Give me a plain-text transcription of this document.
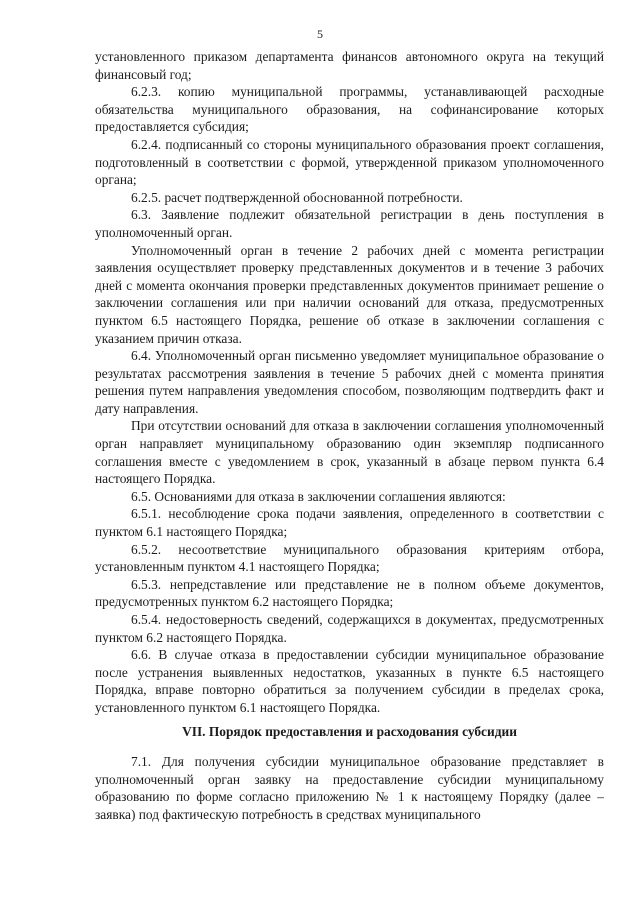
5

установленного приказом департамента финансов автономного округа на текущий финансовый год;

6.2.3. копию муниципальной программы, устанавливающей расходные обязательства муниципального образования, на софинансирование которых предоставляется субсидия;

6.2.4. подписанный со стороны муниципального образования проект соглашения, подготовленный в соответствии с формой, утвержденной приказом уполномоченного органа;

6.2.5. расчет подтвержденной обоснованной потребности.

6.3. Заявление подлежит обязательной регистрации в день поступления в уполномоченный орган.

Уполномоченный орган в течение 2 рабочих дней с момента регистрации заявления осуществляет проверку представленных документов и в течение 3 рабочих дней с момента окончания проверки представленных документов принимает решение о заключении соглашения или при наличии оснований для отказа, предусмотренных пунктом 6.5 настоящего Порядка, решение об отказе в заключении соглашения с указанием причин отказа.

6.4. Уполномоченный орган письменно уведомляет муниципальное образование о результатах рассмотрения заявления в течение 5 рабочих дней с момента принятия решения путем направления уведомления способом, позволяющим подтвердить факт и дату направления.

При отсутствии оснований для отказа в заключении соглашения уполномоченный орган направляет муниципальному образованию один экземпляр подписанного соглашения вместе с уведомлением в срок, указанный в абзаце первом пункта 6.4 настоящего Порядка.

6.5. Основаниями для отказа в заключении соглашения являются:

6.5.1. несоблюдение срока подачи заявления, определенного в соответствии с пунктом 6.1 настоящего Порядка;

6.5.2. несоответствие муниципального образования критериям отбора, установленным пунктом 4.1 настоящего Порядка;

6.5.3. непредставление или представление не в полном объеме документов, предусмотренных пунктом 6.2 настоящего Порядка;

6.5.4. недостоверность сведений, содержащихся в документах, предусмотренных пунктом 6.2 настоящего Порядка.

6.6. В случае отказа в предоставлении субсидии муниципальное образование после устранения выявленных недостатков, указанных в пункте 6.5 настоящего Порядка, вправе повторно обратиться за получением субсидии в пределах срока, установленного пунктом 6.1 настоящего Порядка.

VII. Порядок предоставления и расходования субсидии

7.1. Для получения субсидии муниципальное образование представляет в уполномоченный орган заявку на предоставление субсидии муниципальному образованию по форме согласно приложению № 1 к настоящему Порядку (далее – заявка) под фактическую потребность в средствах муниципального
